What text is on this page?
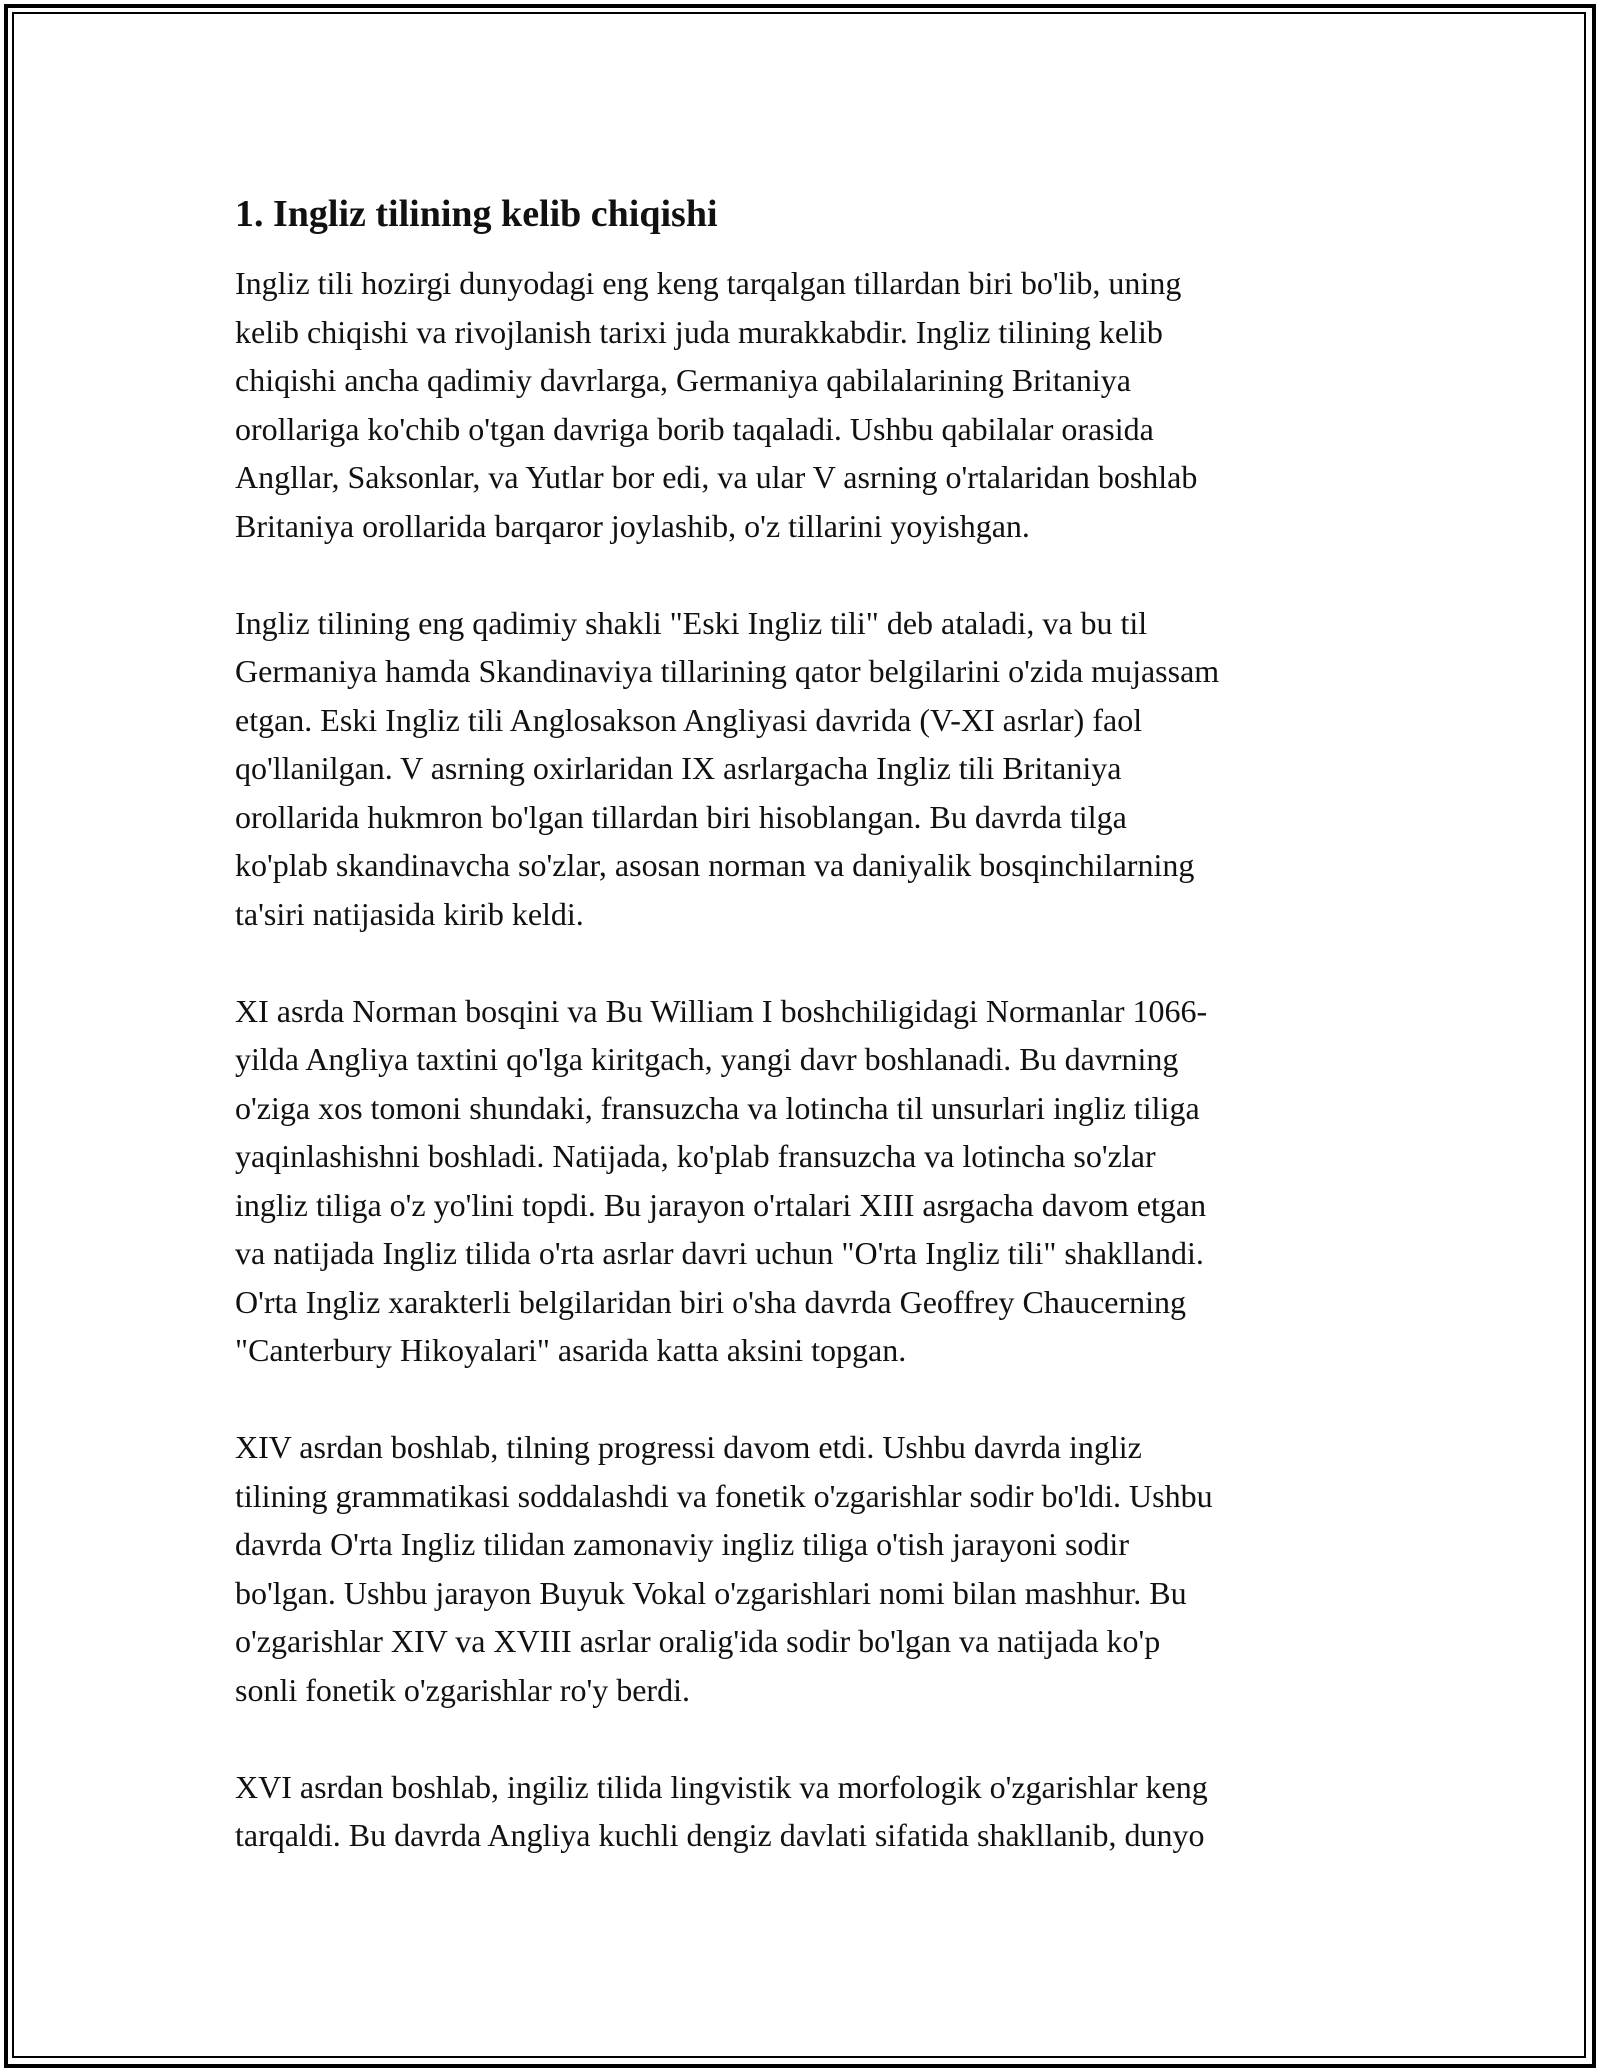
1. Ingliz tilining kelib chiqishi

Ingliz tili hozirgi dunyodagi eng keng tarqalgan tillardan biri bo'lib, uning
kelib chiqishi va rivojlanish tarixi juda murakkabdir. Ingliz tilining kelib
chiqishi ancha qadimiy davrlarga, Germaniya qabilalarining Britaniya
orollariga ko'chib o'tgan davriga borib taqaladi. Ushbu qabilalar orasida
Angllar, Saksonlar, va Yutlar bor edi, va ular V asrning o'rtalaridan boshlab
Britaniya orollarida barqaror joylashib, o'z tillarini yoyishgan.

Ingliz tilining eng qadimiy shakli "Eski Ingliz tili" deb ataladi, va bu til
Germaniya hamda Skandinaviya tillarining qator belgilarini o'zida mujassam
etgan. Eski Ingliz tili Anglosakson Angliyasi davrida (V-XI asrlar) faol
qo'llanilgan. V asrning oxirlaridan IX asrlargacha Ingliz tili Britaniya
orollarida hukmron bo'lgan tillardan biri hisoblangan. Bu davrda tilga
ko'plab skandinavcha so'zlar, asosan norman va daniyalik bosqinchilarning
ta'siri natijasida kirib keldi.

XI asrda Norman bosqini va Bu William I boshchiligidagi Normanlar 1066-
yilda Angliya taxtini qo'lga kiritgach, yangi davr boshlanadi. Bu davrning
o'ziga xos tomoni shundaki, fransuzcha va lotincha til unsurlari ingliz tiliga
yaqinlashishni boshladi. Natijada, ko'plab fransuzcha va lotincha so'zlar
ingliz tiliga o'z yo'lini topdi. Bu jarayon o'rtalari XIII asrgacha davom etgan
va natijada Ingliz tilida o'rta asrlar davri uchun "O'rta Ingliz tili" shakllandi.
O'rta Ingliz xarakterli belgilaridan biri o'sha davrda Geoffrey Chaucerning
"Canterbury Hikoyalari" asarida katta aksini topgan.

XIV asrdan boshlab, tilning progressi davom etdi. Ushbu davrda ingliz
tilining grammatikasi soddalashdi va fonetik o'zgarishlar sodir bo'ldi. Ushbu
davrda O'rta Ingliz tilidan zamonaviy ingliz tiliga o'tish jarayoni sodir
bo'lgan. Ushbu jarayon Buyuk Vokal o'zgarishlari nomi bilan mashhur. Bu
o'zgarishlar XIV va XVIII asrlar oralig'ida sodir bo'lgan va natijada ko'p
sonli fonetik o'zgarishlar ro'y berdi.

XVI asrdan boshlab, ingiliz tilida lingvistik va morfologik o'zgarishlar keng
tarqaldi. Bu davrda Angliya kuchli dengiz davlati sifatida shakllanib, dunyo
